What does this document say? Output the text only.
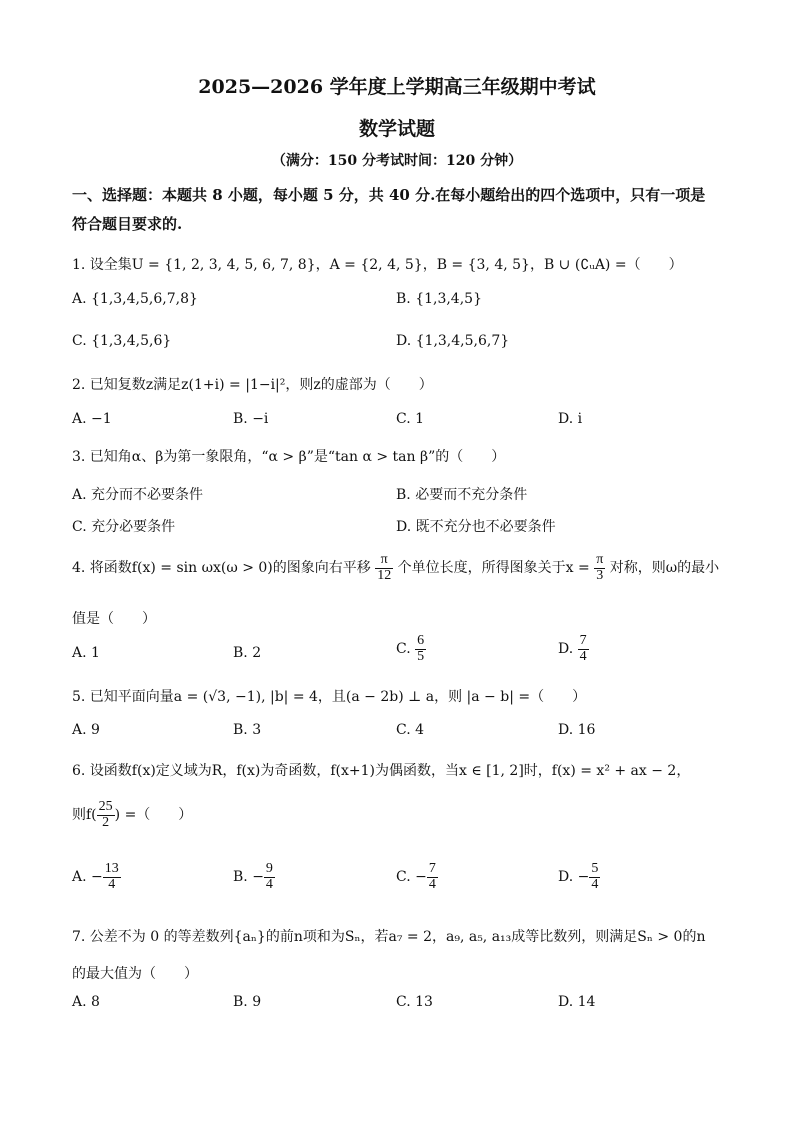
2025—2026 学年度上学期高三年级期中考试
数学试题
（满分：150 分考试时间：120 分钟）
一、选择题：本题共 8 小题，每小题 5 分，共 40 分.在每小题给出的四个选项中，只有一项是
符合题目要求的.
1. 设全集U = {1, 2, 3, 4, 5, 6, 7, 8}，A = {2, 4, 5}，B = {3, 4, 5}，B ∪ (∁ᵤA) =（　　）
A. {1,3,4,5,6,7,8}	B. {1,3,4,5}
C. {1,3,4,5,6}	D. {1,3,4,5,6,7}
2. 已知复数z满足z(1+i) = |1−i|²，则z的虚部为（　　）
A. −1	B. −i	C. 1	D. i
3. 已知角α、β为第一象限角，“α > β”是“tan α > tan β”的（　　）
A. 充分而不必要条件	B. 必要而不充分条件
C. 充分必要条件	D. 既不充分也不必要条件
4. 将函数f(x) = sin ωx(ω > 0)的图象向右平移 $\frac{\pi}{12}$ 个单位长度，所得图象关于$x = \frac{\pi}{3}$ 对称，则ω的最小
值是（　　）
A. 1	B. 2	C. $\frac{6}{5}$	D. $\frac{7}{4}$
5. 已知平面向量a = (√3, −1), |b| = 4，且(a − 2b) ⊥ a，则 |a − b| =（　　）
A. 9	B. 3	C. 4	D. 16
6. 设函数f(x)定义域为R，f(x)为奇函数，f(x+1)为偶函数，当x ∈ [1, 2]时，f(x) = x² + ax − 2，
则$f( \frac{25}{2}$ ) =（　　）
A. − $\frac{13}{4}$	B. − $\frac{9}{4}$	C. − $\frac{7}{4}$	D. − $\frac{5}{4}$
7. 公差不为 0 的等差数列{aₙ}的前n项和为Sₙ，若a₇ = 2，a₉, a₅, a₁₃成等比数列，则满足Sₙ > 0的n
的最大值为（　　）
A. 8	B. 9	C. 13	D. 14
